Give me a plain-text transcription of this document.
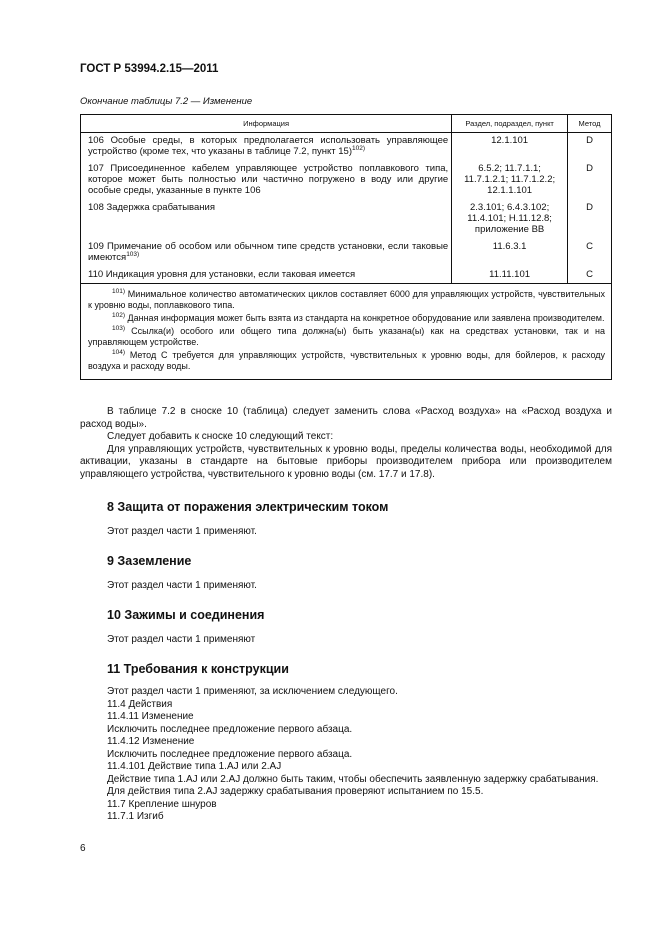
ГОСТ Р 53994.2.15—2011
Окончание таблицы 7.2 — Изменение
Информация	Раздел, подраздел, пункт	Метод
106 Особые среды, в которых предполагается использовать управляющее устройство (кроме тех, что указаны в таблице 7.2, пункт 15)$^{102)}$	12.1.101	D
107 Присоединенное кабелем управляющее устройство поплавкового типа, которое может быть полностью или частично погружено в воду или другие особые среды, указанные в пункте 106	6.5.2; 11.7.1.1; 11.7.1.2.1; 11.7.1.2.2; 12.1.1.101	D
108 Задержка срабатывания	2.3.101; 6.4.3.102; 11.4.101; Н.11.12.8; приложение ВВ	D
109 Примечание об особом или обычном типе средств установки, если таковые имеются$^{103)}$	11.6.3.1	C
110 Индикация уровня для установки, если таковая имеется	11.11.101	C

$^{101)}$ Минимальное количество автоматических циклов составляет 6000 для управляющих устройств, чувствительных к уровню воды, поплавкового типа.

$^{102)}$ Данная информация может быть взята из стандарта на конкретное оборудование или заявлена производителем.

$^{103)}$ Ссылка(и) особого или общего типа должна(ы) быть указана(ы) как на средствах установки, так и на управляющем устройстве.

$^{104)}$ Метод С требуется для управляющих устройств, чувствительных к уровню воды, для бойлеров, к расходу воздуха и расходу воды.		

В таблице 7.2 в сноске 10 (таблица) следует заменить слова «Расход воздуха» на «Расход воздуха и расход воды».

Следует добавить к сноске 10 следующий текст:

Для управляющих устройств, чувствительных к уровню воды, пределы количества воды, необходимой для активации, указаны в стандарте на бытовые приборы производителем прибора или производителем управляющего устройства, чувствительного к уровню воды (см. 17.7 и 17.8).

8 Защита от поражения электрическим током
Этот раздел части 1 применяют.
9 Заземление
Этот раздел части 1 применяют.
10 Зажимы и соединения
Этот раздел части 1 применяют
11 Требования к конструкции

Этот раздел части 1 применяют, за исключением следующего.

11.4 Действия

11.4.11 Изменение

Исключить последнее предложение первого абзаца.

11.4.12 Изменение

Исключить последнее предложение первого абзаца.

11.4.101 Действие типа 1.AJ или 2.AJ

Действие типа 1.AJ или 2.AJ должно быть таким, чтобы обеспечить заявленную задержку срабатывания.

Для действия типа 2.AJ задержку срабатывания проверяют испытанием по 15.5.

11.7 Крепление шнуров

11.7.1 Изгиб

6
